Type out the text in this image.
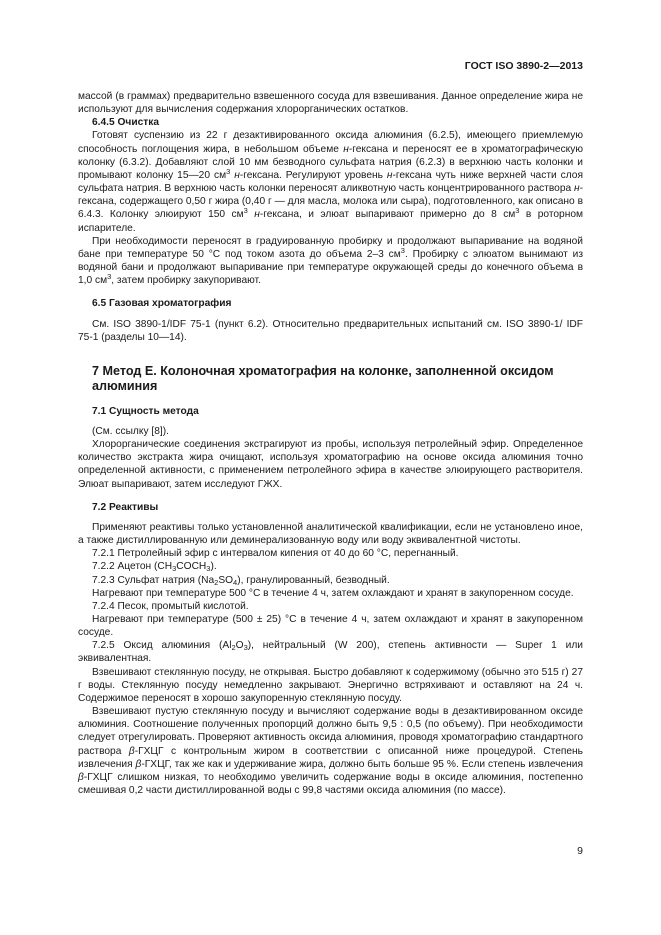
ГОСТ ISO 3890-2—2013

массой (в граммах) предварительно взвешенного сосуда для взвешивания. Данное определение жира не используют для вычисления содержания хлорорганических остатков.

6.4.5 Очистка

Готовят суспензию из 22 г дезактивированного оксида алюминия (6.2.5), имеющего приемлемую способность поглощения жира, в небольшом объеме н-гексана и переносят ее в хроматографическую колонку (6.3.2). Добавляют слой 10 мм безводного сульфата натрия (6.2.3) в верхнюю часть колонки и промывают колонку 15—20 $см^3$ н-гексана. Регулируют уровень н-гексана чуть ниже верхней части слоя сульфата натрия. В верхнюю часть колонки переносят аликвотную часть концентрированного раствора н-гексана, содержащего 0,50 г жира (0,40 г — для масла, молока или сыра), подготовленного, как описано в 6.4.3. Колонку элюируют 150 $см^3$ н-гексана, и элюат выпаривают примерно до 8 $см^3$ в роторном испарителе.

При необходимости переносят в градуированную пробирку и продолжают выпаривание на водяной бане при температуре 50 °С под током азота до объема 2–3 $см^3$. Пробирку с элюатом вынимают из водяной бани и продолжают выпаривание при температуре окружающей среды до конечного объема в 1,0 $см^3$, затем пробирку закупоривают.

6.5 Газовая хроматография

См. ISO 3890-1/IDF 75-1 (пункт 6.2). Относительно предварительных испытаний см. ISO 3890-1/ IDF 75-1 (разделы 10—14).

7 Метод Е. Колоночная хроматография на колонке, заполненной оксидом алюминия

7.1 Сущность метода

(См. ссылку [8]).

Хлорорганические соединения экстрагируют из пробы, используя петролейный эфир. Определенное количество экстракта жира очищают, используя хроматографию на основе оксида алюминия точно определенной активности, с применением петролейного эфира в качестве элюирующего растворителя. Элюат выпаривают, затем исследуют ГЖХ.

7.2 Реактивы

Применяют реактивы только установленной аналитической квалификации, если не установлено иное, а также дистиллированную или деминерализованную воду или воду эквивалентной чистоты.

7.2.1 Петролейный эфир с интервалом кипения от 40 до 60 °С, перегнанный.

7.2.2 Ацетон $(CH_3COCH_3)$.

7.2.3 Сульфат натрия $(Na_2SO_4)$, гранулированный, безводный.

Нагревают при температуре 500 °С в течение 4 ч, затем охлаждают и хранят в закупоренном сосуде.

7.2.4 Песок, промытый кислотой.

Нагревают при температуре (500 ± 25) °С в течение 4 ч, затем охлаждают и хранят в закупоренном сосуде.

7.2.5 Оксид алюминия $(Al_2O_3)$, нейтральный (W 200), степень активности — Super 1 или эквивалентная.

Взвешивают стеклянную посуду, не открывая. Быстро добавляют к содержимому (обычно это 515 г) 27 г воды. Стеклянную посуду немедленно закрывают. Энергично встряхивают и оставляют на 24 ч. Содержимое переносят в хорошо закупоренную стеклянную посуду.

Взвешивают пустую стеклянную посуду и вычисляют содержание воды в дезактивированном оксиде алюминия. Соотношение полученных пропорций должно быть 9,5 : 0,5 (по объему). При необходимости следует отрегулировать. Проверяют активность оксида алюминия, проводя хроматографию стандартного раствора β-ГХЦГ с контрольным жиром в соответствии с описанной ниже процедурой. Степень извлечения β-ГХЦГ, так же как и удерживание жира, должно быть больше 95 %. Если степень извлечения β-ГХЦГ слишком низкая, то необходимо увеличить содержание воды в оксиде алюминия, постепенно смешивая 0,2 части дистиллированной воды с 99,8 частями оксида алюминия (по массе).

9
